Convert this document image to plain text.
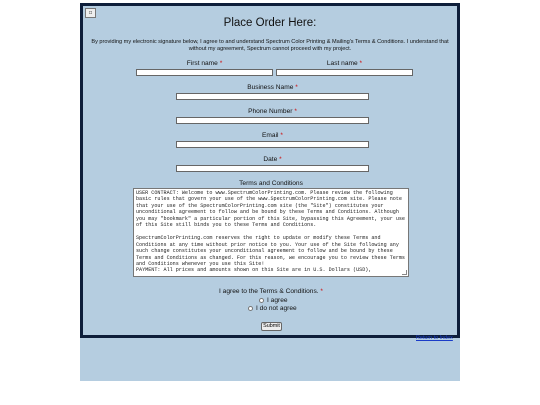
▫
Place Order Here:
By providing my electronic signature below, I agree to and understand Spectrum Color Printing & Mailing's Terms & Conditions. I understand that without my agreement, Spectrum cannot proceed with my project.
First name *	Last name *
Business Name *
Phone Number *
Email *
Date *
Terms and Conditions

USER CONTRACT: Welcome to www.SpectrumColorPrinting.com. Please review the following basic rules that govern your use of the www.SpectrumColorPrinting.com site. Please note that your use of the SpectrumColorPrinting.com site (the "Site") constitutes your unconditional agreement to follow and be bound by these Terms and Conditions. Although you may "bookmark" a particular portion of this Site, bypassing this Agreement, your use of this Site still binds you to these Terms and Conditions.

SpectrumColorPrinting.com reserves the right to update or modify these Terms and Conditions at any time without prior notice to you. Your use of the Site following any such change constitutes your unconditional agreement to follow and be bound by these Terms and Conditions as changed. For this reason, we encourage you to review these Terms and Conditions whenever you use this Site!
PAYMENT: All prices and amounts shown on this Site are in U.S. Dollars (USD),

I agree to the Terms & Conditions. *
I agree
I do not agree
Submit
Return to Index
